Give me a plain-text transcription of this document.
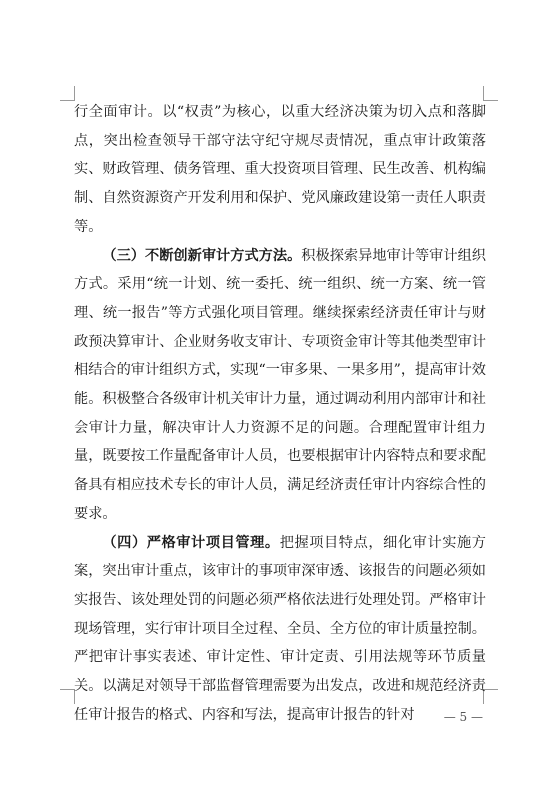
行全面审计。以“权责”为核心，以重大经济决策为切入点和落脚点，突出检查领导干部守法守纪守规尽责情况，重点审计政策落实、财政管理、债务管理、重大投资项目管理、民生改善、机构编制、自然资源资产开发利用和保护、党风廉政建设第一责任人职责等。

（三）不断创新审计方式方法。积极探索异地审计等审计组织方式。采用“统一计划、统一委托、统一组织、统一方案、统一管理、统一报告”等方式强化项目管理。继续探索经济责任审计与财政预决算审计、企业财务收支审计、专项资金审计等其他类型审计相结合的审计组织方式，实现“一审多果、一果多用”，提高审计效能。积极整合各级审计机关审计力量，通过调动利用内部审计和社会审计力量，解决审计人力资源不足的问题。合理配置审计组力量，既要按工作量配备审计人员，也要根据审计内容特点和要求配备具有相应技术专长的审计人员，满足经济责任审计内容综合性的要求。

（四）严格审计项目管理。把握项目特点，细化审计实施方案，突出审计重点，该审计的事项审深审透、该报告的问题必须如实报告、该处理处罚的问题必须严格依法进行处理处罚。严格审计现场管理，实行审计项目全过程、全员、全方位的审计质量控制。严把审计事实表述、审计定性、审计定责、引用法规等环节质量关。以满足对领导干部监督管理需要为出发点，改进和规范经济责任审计报告的格式、内容和写法，提高审计报告的针对	— 5 —
